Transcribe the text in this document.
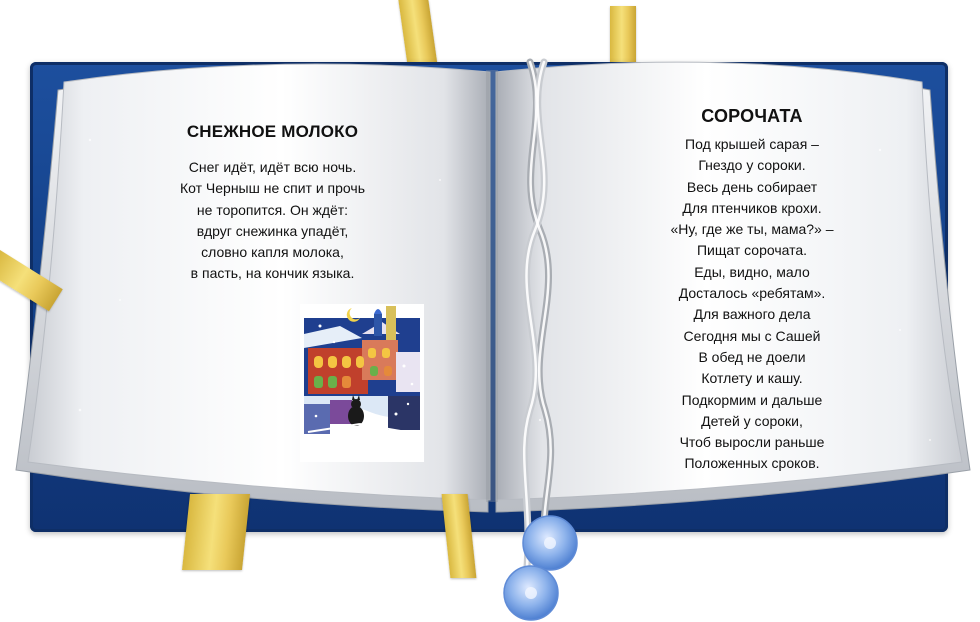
СНЕЖНОЕ МОЛОКО
Снег идёт, идёт всю ночь.
Кот Черныш не спит и прочь
не торопится. Он ждёт:
вдруг снежинка упадёт,
словно капля молока,
в пасть, на кончик языка.
СОРОЧАТА
Под крышей сарая –
Гнездо у сороки.
Весь день собирает
Для птенчиков крохи.
«Ну, где же ты, мама?» –
Пищат сорочата.
Еды, видно, мало
Досталось «ребятам».
Для важного дела
Сегодня мы с Сашей
В обед не доели
Котлету и кашу.
Подкормим и дальше
Детей у сороки,
Чтоб выросли раньше
Положенных сроков.
